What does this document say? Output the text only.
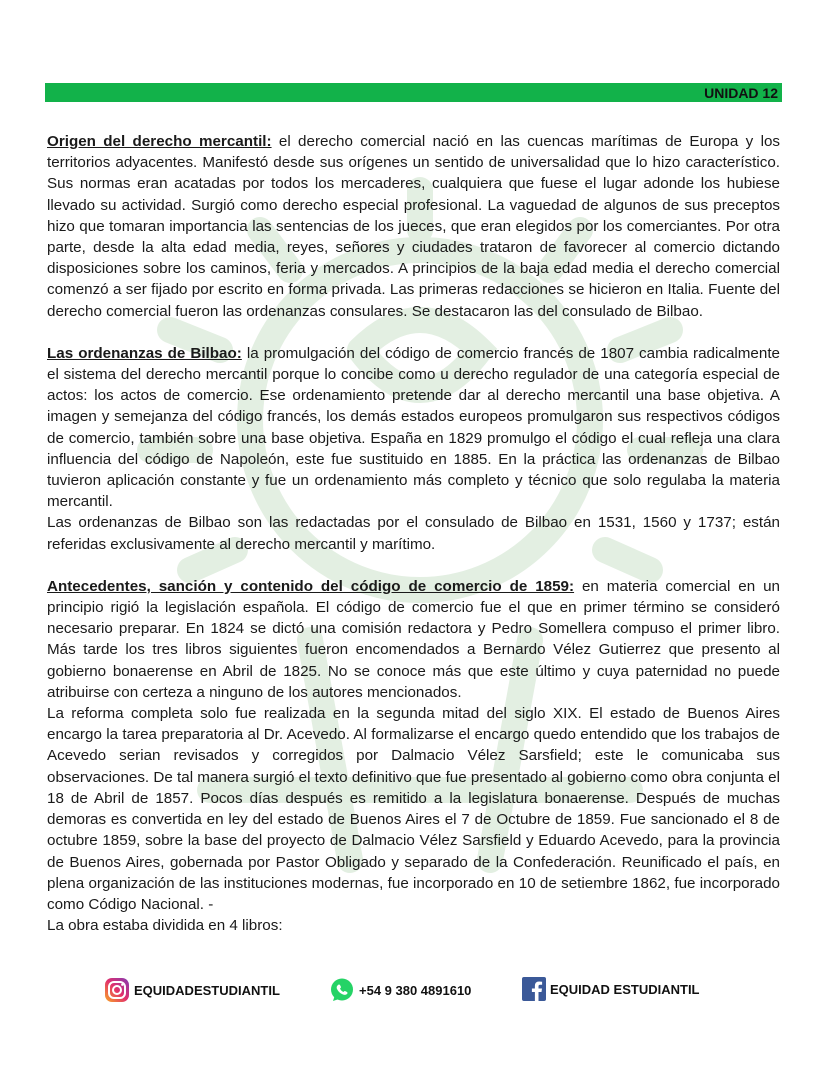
UNIDAD 12

Origen del derecho mercantil: el derecho comercial nació en las cuencas marítimas de Europa y los territorios adyacentes. Manifestó desde sus orígenes un sentido de universalidad que lo hizo característico. Sus normas eran acatadas por todos los mercaderes, cualquiera que fuese el lugar adonde los hubiese llevado su actividad. Surgió como derecho especial profesional. La vaguedad de algunos de sus preceptos hizo que tomaran importancia las sentencias de los jueces, que eran elegidos por los comerciantes. Por otra parte, desde la alta edad media, reyes, señores y ciudades trataron de favorecer al comercio dictando disposiciones sobre los caminos, feria y mercados. A principios de la baja edad media el derecho comercial comenzó a ser fijado por escrito en forma privada. Las primeras redacciones se hicieron en Italia. Fuente del derecho comercial fueron las ordenanzas consulares. Se destacaron las del consulado de Bilbao.

Las ordenanzas de Bilbao: la promulgación del código de comercio francés de 1807 cambia radicalmente el sistema del derecho mercantil porque lo concibe como u derecho regulador de una categoría especial de actos: los actos de comercio. Ese ordenamiento pretende dar al derecho mercantil una base objetiva. A imagen y semejanza del código francés, los demás estados europeos promulgaron sus respectivos códigos de comercio, también sobre una base objetiva. España en 1829 promulgo el código el cual refleja una clara influencia del código de Napoleón, este fue sustituido en 1885. En la práctica las ordenanzas de Bilbao tuvieron aplicación constante y fue un ordenamiento más completo y técnico que solo regulaba la materia mercantil.

Las ordenanzas de Bilbao son las redactadas por el consulado de Bilbao en 1531, 1560 y 1737; están referidas exclusivamente al derecho mercantil y marítimo.

Antecedentes, sanción y contenido del código de comercio de 1859: en materia comercial en un principio rigió la legislación española. El código de comercio fue el que en primer término se consideró necesario preparar. En 1824 se dictó una comisión redactora y Pedro Somellera compuso el primer libro. Más tarde los tres libros siguientes fueron encomendados a Bernardo Vélez Gutierrez que presento al gobierno bonaerense en Abril de 1825. No se conoce más que este último y cuya paternidad no puede atribuirse con certeza a ninguno de los autores mencionados.

La reforma completa solo fue realizada en la segunda mitad del siglo XIX. El estado de Buenos Aires encargo la tarea preparatoria al Dr. Acevedo. Al formalizarse el encargo quedo entendido que los trabajos de Acevedo serian revisados y corregidos por Dalmacio Vélez Sarsfield; este le comunicaba sus observaciones. De tal manera surgió el texto definitivo que fue presentado al gobierno como obra conjunta el 18 de Abril de 1857. Pocos días después es remitido a la legislatura bonaerense. Después de muchas demoras es convertida en ley del estado de Buenos Aires el 7 de Octubre de 1859. Fue sancionado el 8 de octubre 1859, sobre la base del proyecto de Dalmacio Vélez Sarsfield y Eduardo Acevedo, para la provincia de Buenos Aires, gobernada por Pastor Obligado y separado de la Confederación. Reunificado el país, en plena organización de las instituciones modernas, fue incorporado en 10 de setiembre 1862, fue incorporado como Código Nacional. -

La obra estaba dividida en 4 libros:

EQUIDADESTUDIANTIL	+54 9 380 4891610	EQUIDAD ESTUDIANTIL
